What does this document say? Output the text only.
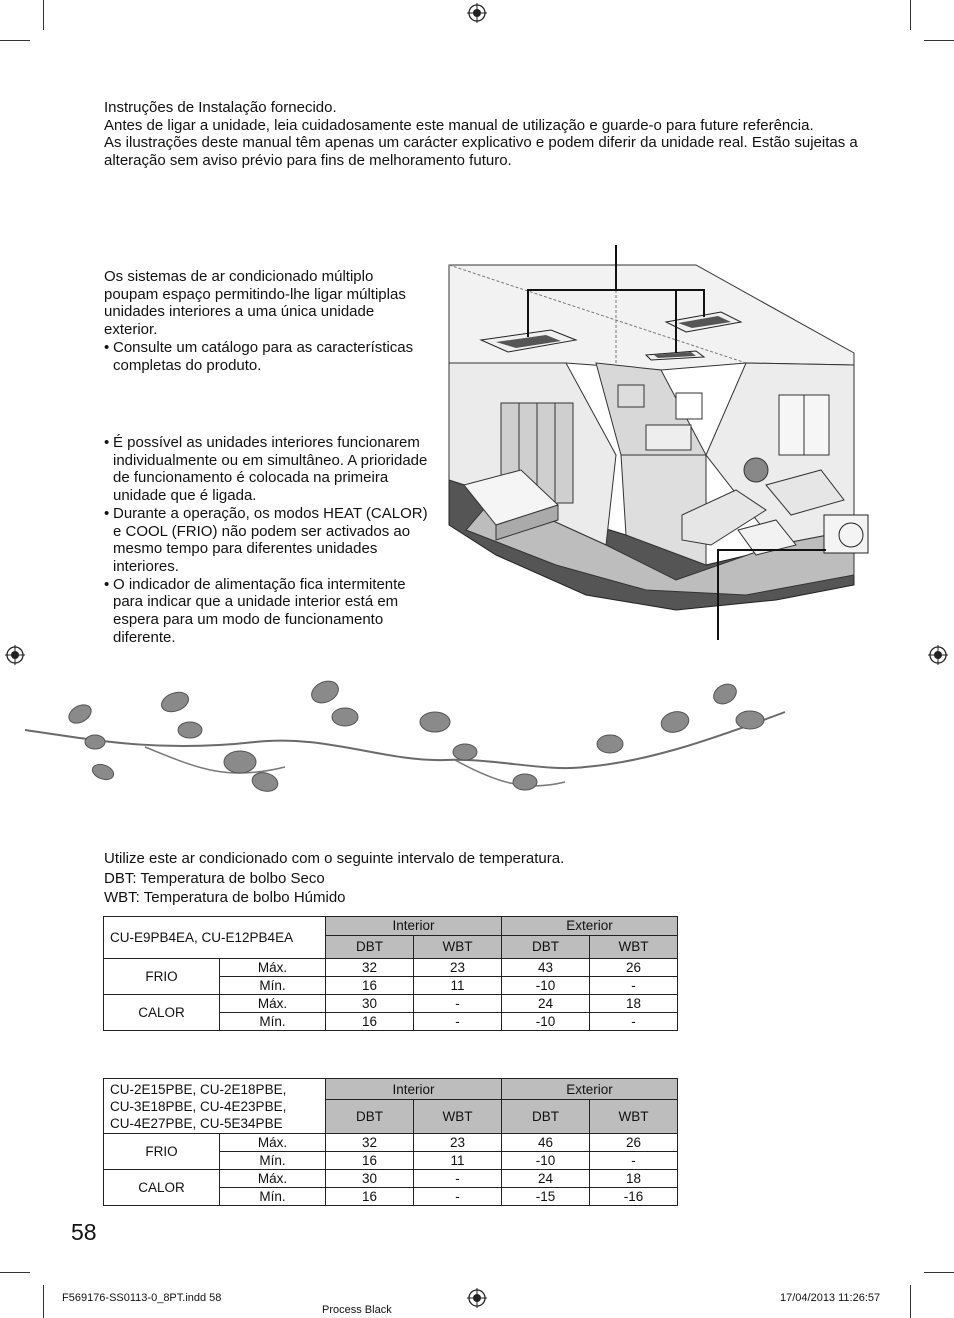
Instruções de Instalação fornecido.
Antes de ligar a unidade, leia cuidadosamente este manual de utilização e guarde-o para future referência.
As ilustrações deste manual têm apenas um carácter explicativo e podem diferir da unidade real. Estão sujeitas a alteração sem aviso prévio para fins de melhoramento futuro.
Os sistemas de ar condicionado múltiplo poupam espaço permitindo-lhe ligar múltiplas unidades interiores a uma única unidade exterior.
• Consulte um catálogo para as características completas do produto.
• É possível as unidades interiores funcionarem individualmente ou em simultâneo. A prioridade de funcionamento é colocada na primeira unidade que é ligada.
• Durante a operação, os modos HEAT (CALOR) e COOL (FRIO) não podem ser activados ao mesmo tempo para diferentes unidades interiores.
• O indicador de alimentação fica intermitente para indicar que a unidade interior está em espera para um modo de funcionamento diferente.
Utilize este ar condicionado com o seguinte intervalo de temperatura.
DBT: Temperatura de bolbo Seco
WBT: Temperatura de bolbo Húmido
CU-E9PB4EA, CU-E12PB4EA		Interior		Exterior	
		DBT	WBT	DBT	WBT
FRIO	Máx.	32	23	43	26
	Mín.	16	11	-10	-
CALOR	Máx.	30	-	24	18
	Mín.	16	-	-10	-
CU-2E15PBE, CU-2E18PBE,
CU-3E18PBE, CU-4E23PBE,
CU-4E27PBE, CU-5E34PBE		Interior		Exterior	
		DBT	WBT	DBT	WBT
FRIO	Máx.	32	23	46	26
	Mín.	16	11	-10	-
CALOR	Máx.	30	-	24	18
	Mín.	16	-	-15	-16
58
F569176-SS0113-0_8PT.indd 58
Process Black
17/04/2013 11:26:57
